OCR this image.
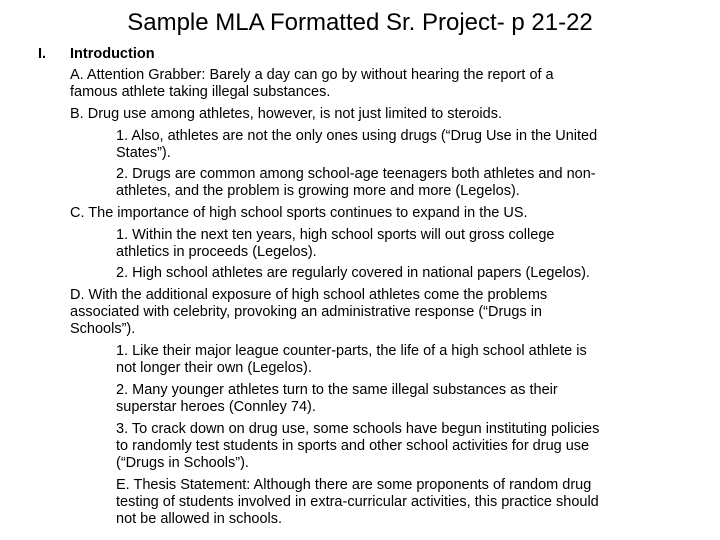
Sample MLA Formatted Sr. Project- p 21-22
I. Introduction
A. Attention Grabber: Barely a day can go by without hearing the report of a
famous athlete taking illegal substances.
B. Drug use among athletes, however, is not just limited to steroids.
1. Also, athletes are not the only ones using drugs (“Drug Use in the United
States”).
2. Drugs are common among school-age teenagers both athletes and non-
athletes, and the problem is growing more and more (Legelos).
C. The importance of high school sports continues to expand in the US.
1. Within the next ten years, high school sports will out gross college
athletics in proceeds (Legelos).
2. High school athletes are regularly covered in national papers (Legelos).
D. With the additional exposure of high school athletes come the problems
associated with celebrity, provoking an administrative response (“Drugs in
Schools”).
1. Like their major league counter-parts, the life of a high school athlete is
not longer their own (Legelos).
2. Many younger athletes turn to the same illegal substances as their
superstar heroes (Connley 74).
3. To crack down on drug use, some schools have begun instituting policies
to randomly test students in sports and other school activities for drug use
(“Drugs in Schools”).
E. Thesis Statement: Although there are some proponents of random drug
testing of students involved in extra-curricular activities, this practice should
not be allowed in schools.
